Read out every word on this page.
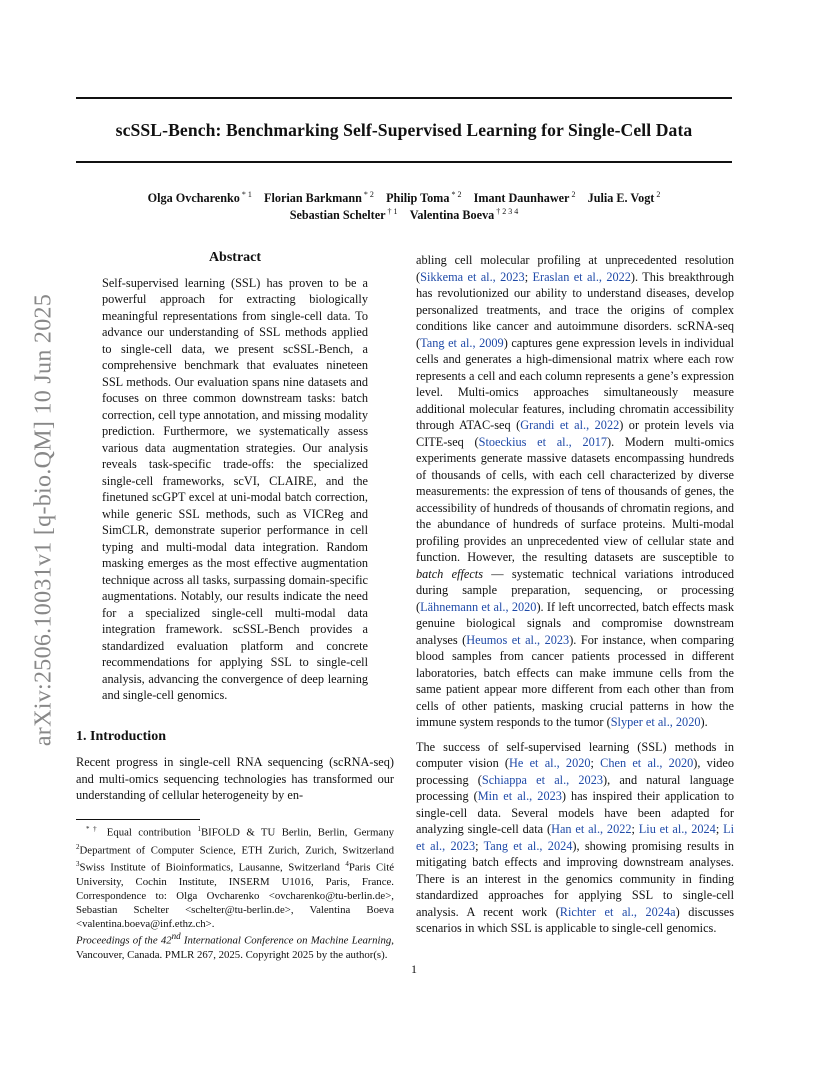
scSSL-Bench: Benchmarking Self-Supervised Learning for Single-Cell Data
Olga Ovcharenko $^{* 1}$   Florian Barkmann $^{* 2}$   Philip Toma $^{* 2}$   Imant Daunhawer $^2$   Julia E. Vogt $^2$
Sebastian Schelter $^{\dagger 1}$   Valentina Boeva $^{\dagger 2 3 4}$
arXiv:2506.10031v1 [q-bio.QM] 10 Jun 2025
Abstract
Self-supervised learning (SSL) has proven to be a powerful approach for extracting biologically meaningful representations from single-cell data. To advance our understanding of SSL methods applied to single-cell data, we present scSSL-Bench, a comprehensive benchmark that evaluates nineteen SSL methods. Our evaluation spans nine datasets and focuses on three common downstream tasks: batch correction, cell type annotation, and missing modality prediction. Furthermore, we systematically assess various data augmentation strategies. Our analysis reveals task-specific trade-offs: the specialized single-cell frameworks, scVI, CLAIRE, and the finetuned scGPT excel at uni-modal batch correction, while generic SSL methods, such as VICReg and SimCLR, demonstrate superior performance in cell typing and multi-modal data integration. Random masking emerges as the most effective augmentation technique across all tasks, surpassing domain-specific augmentations. Notably, our results indicate the need for a specialized single-cell multi-modal data integration framework. scSSL-Bench provides a standardized evaluation platform and concrete recommendations for applying SSL to single-cell analysis, advancing the convergence of deep learning and single-cell genomics.
1. Introduction
Recent progress in single-cell RNA sequencing (scRNA-seq) and multi-omics sequencing technologies has transformed our understanding of cellular heterogeneity by en-
*† Equal contribution $^1$BIFOLD & TU Berlin, Berlin, Germany $^2$Department of Computer Science, ETH Zurich, Zurich, Switzerland $^3$Swiss Institute of Bioinformatics, Lausanne, Switzerland $^4$Paris Cité University, Cochin Institute, INSERM U1016, Paris, France. Correspondence to: Olga Ovcharenko <ovcharenko@tu-berlin.de>, Sebastian Schelter <schelter@tu-berlin.de>, Valentina Boeva <valentina.boeva@inf.ethz.ch>.
Proceedings of the 42nd International Conference on Machine Learning, Vancouver, Canada. PMLR 267, 2025. Copyright 2025 by the author(s).

abling cell molecular profiling at unprecedented resolution (Sikkema et al., 2023; Eraslan et al., 2022). This breakthrough has revolutionized our ability to understand diseases, develop personalized treatments, and trace the origins of complex conditions like cancer and autoimmune disorders. scRNA-seq (Tang et al., 2009) captures gene expression levels in individual cells and generates a high-dimensional matrix where each row represents a cell and each column represents a gene’s expression level. Multi-omics approaches simultaneously measure additional molecular features, including chromatin accessibility through ATAC-seq (Grandi et al., 2022) or protein levels via CITE-seq (Stoeckius et al., 2017). Modern multi-omics experiments generate massive datasets encompassing hundreds of thousands of cells, with each cell characterized by diverse measurements: the expression of tens of thousands of genes, the accessibility of hundreds of thousands of chromatin regions, and the abundance of hundreds of surface proteins. Multi-modal profiling provides an unprecedented view of cellular state and function. However, the resulting datasets are susceptible to batch effects — systematic technical variations introduced during sample preparation, sequencing, or processing (Lähnemann et al., 2020). If left uncorrected, batch effects mask genuine biological signals and compromise downstream analyses (Heumos et al., 2023). For instance, when comparing blood samples from cancer patients processed in different laboratories, batch effects can make immune cells from the same patient appear more different from each other than from cells of other patients, masking crucial patterns in how the immune system responds to the tumor (Slyper et al., 2020).

The success of self-supervised learning (SSL) methods in computer vision (He et al., 2020; Chen et al., 2020), video processing (Schiappa et al., 2023), and natural language processing (Min et al., 2023) has inspired their application to single-cell data. Several models have been adapted for analyzing single-cell data (Han et al., 2022; Liu et al., 2024; Li et al., 2023; Tang et al., 2024), showing promising results in mitigating batch effects and improving downstream analyses. There is an interest in the genomics community in finding standardized approaches for applying SSL to single-cell analysis. A recent work (Richter et al., 2024a) discusses scenarios in which SSL is applicable to single-cell genomics.

1
